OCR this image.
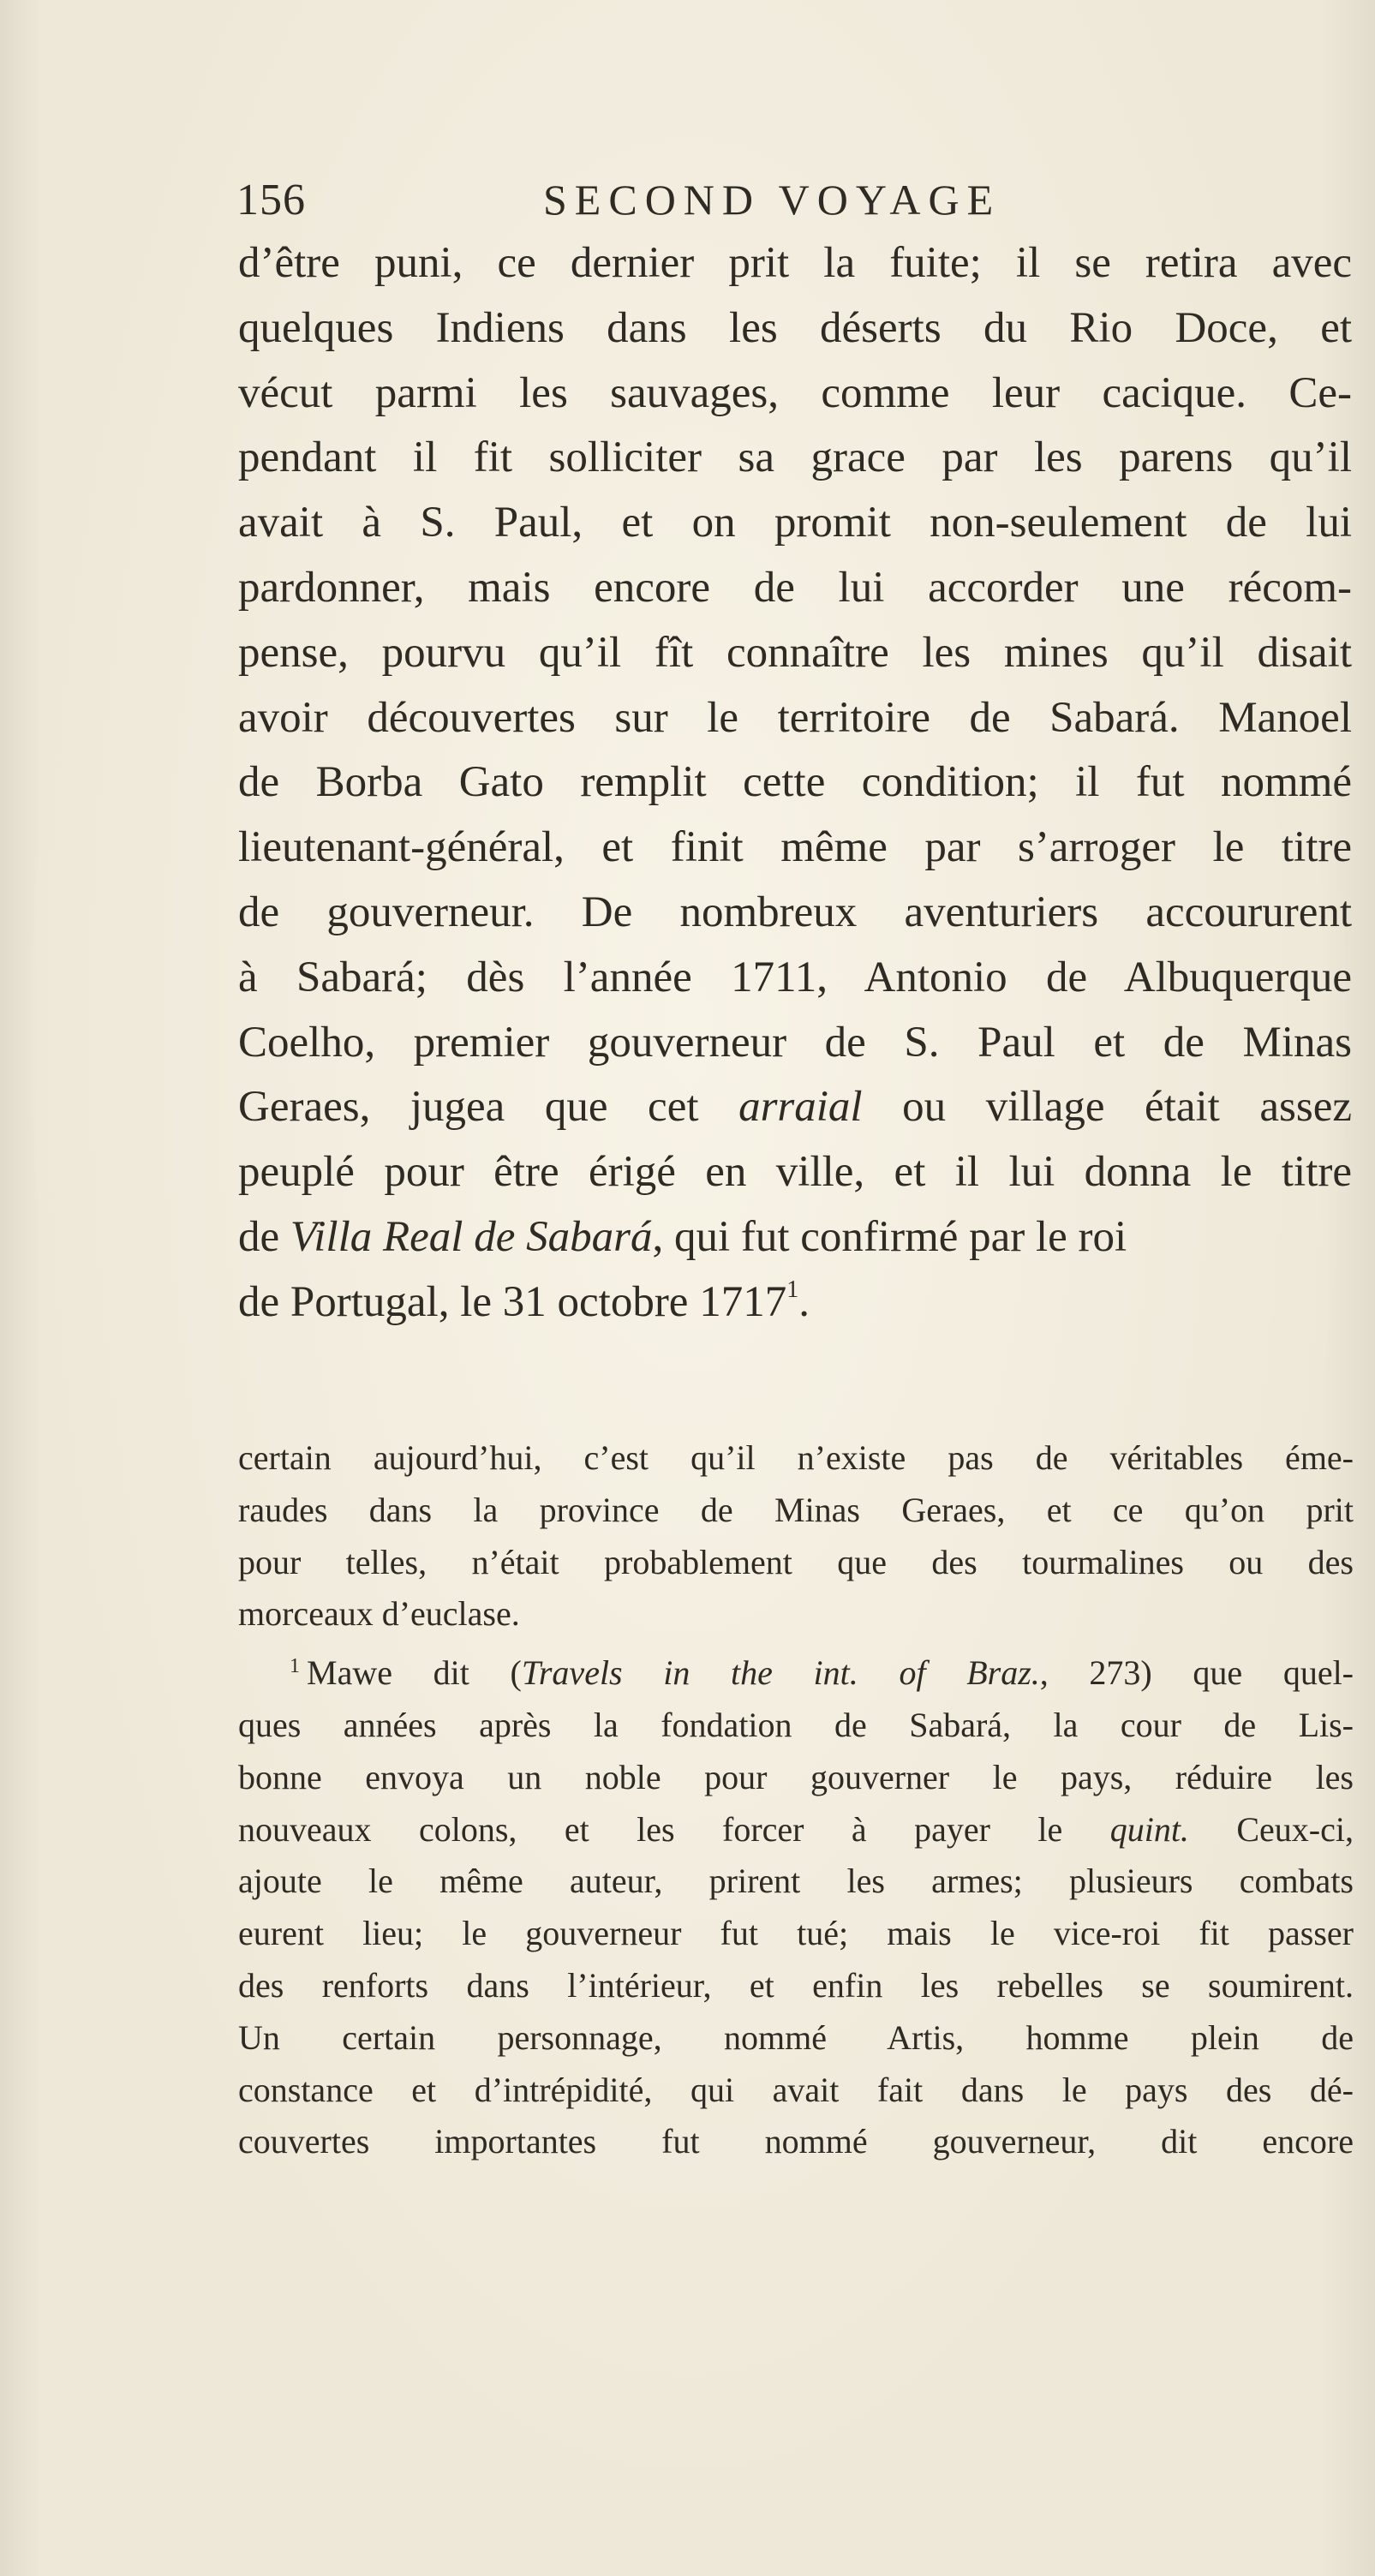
156	SECOND VOYAGE
d’être puni, ce dernier prit la fuite; il se retira avec
quelques Indiens dans les déserts du Rio Doce, et
vécut parmi les sauvages, comme leur cacique. Ce-
pendant il fit solliciter sa grace par les parens qu’il
avait à S. Paul, et on promit non-seulement de lui
pardonner, mais encore de lui accorder une récom-
pense, pourvu qu’il fît connaître les mines qu’il disait
avoir découvertes sur le territoire de Sabará. Manoel
de Borba Gato remplit cette condition; il fut nommé
lieutenant-général, et finit même par s’arroger le titre
de gouverneur. De nombreux aventuriers accoururent
à Sabará; dès l’année 1711, Antonio de Albuquerque
Coelho, premier gouverneur de S. Paul et de Minas
Geraes, jugea que cet arraial ou village était assez
peuplé pour être érigé en ville, et il lui donna le titre
de Villa Real de Sabará, qui fut confirmé par le roi
de Portugal, le 31 octobre 1717$^1$.
certain aujourd’hui, c’est qu’il n’existe pas de véritables éme-
raudes dans la province de Minas Geraes, et ce qu’on prit
pour telles, n’était probablement que des tourmalines ou des
morceaux d’euclase.
$^1$ Mawe dit (Travels in the int. of Braz., 273) que quel-
ques années après la fondation de Sabará, la cour de Lis-
bonne envoya un noble pour gouverner le pays, réduire les
nouveaux colons, et les forcer à payer le quint. Ceux-ci,
ajoute le même auteur, prirent les armes; plusieurs combats
eurent lieu; le gouverneur fut tué; mais le vice-roi fit passer
des renforts dans l’intérieur, et enfin les rebelles se soumirent.
Un certain personnage, nommé Artis, homme plein de
constance et d’intrépidité, qui avait fait dans le pays des dé-
couvertes importantes fut nommé gouverneur, dit encore
